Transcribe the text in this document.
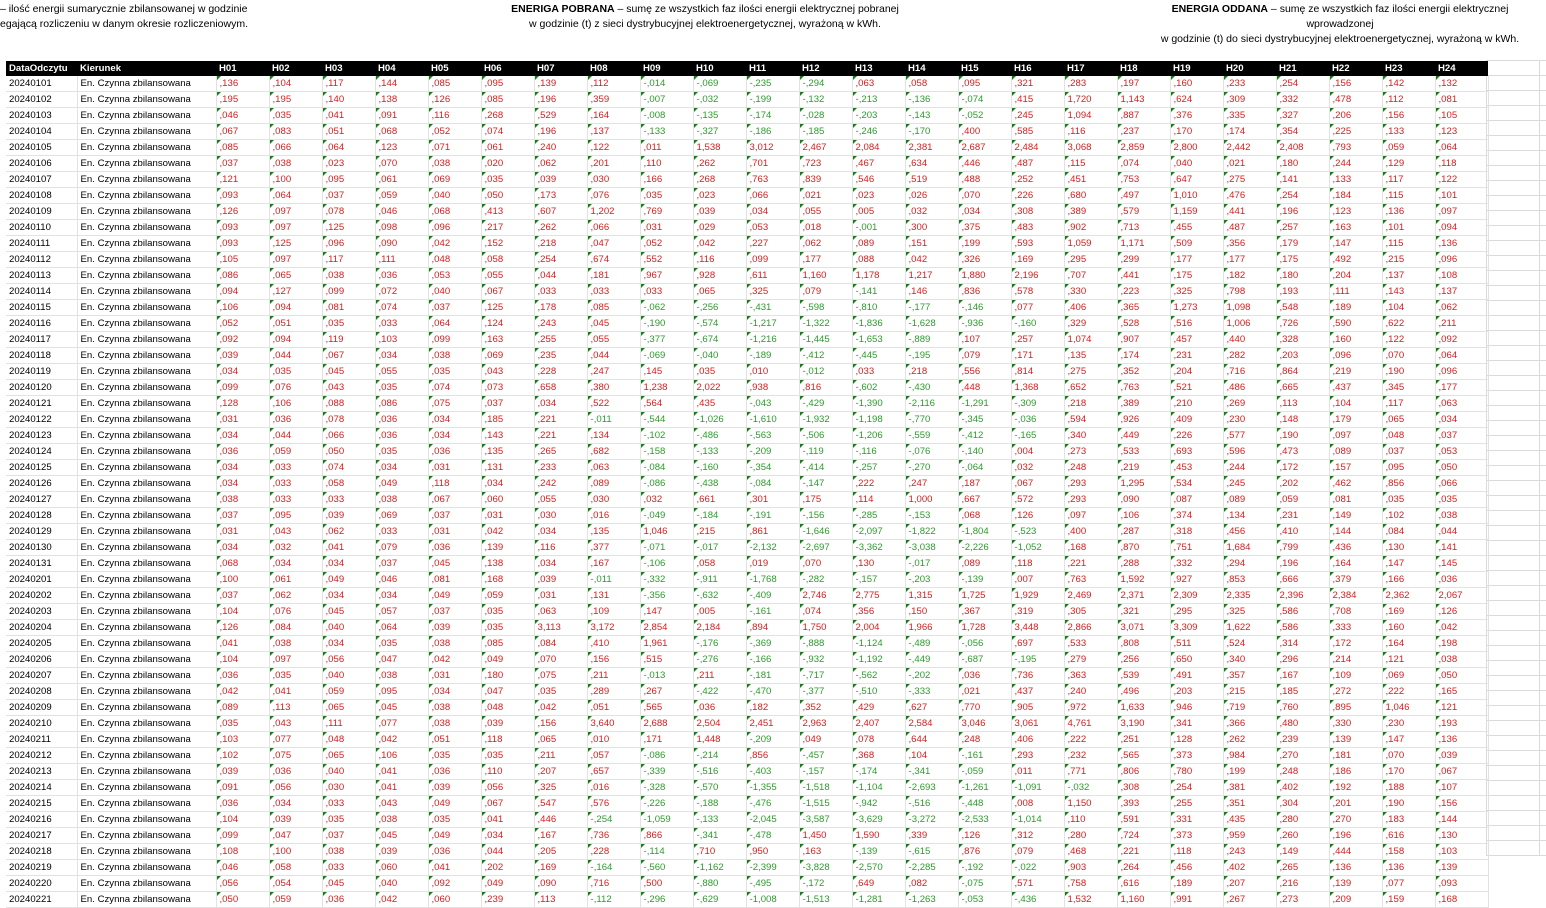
– ilość energii sumarycznie zbilansowanej w godzinie
egającą rozliczeniu w danym okresie rozliczeniowym.
ENERIGA POBRANA – sumę ze wszystkich faz ilości energii elektrycznej pobranej
w godzinie (t) z sieci dystrybucyjnej elektroenergetycznej, wyrażoną w kWh.
ENERGIA ODDANA – sumę ze wszystkich faz ilości energii elektrycznej wprowadzonej
w godzinie (t) do sieci dystrybucyjnej elektroenergetycznej, wyrażoną w kWh.
DataOdczytu	Kierunek	H01	H02	H03	H04	H05	H06	H07	H08	H09	H10	H11	H12	H13	H14	H15	H16	H17	H18	H19	H20	H21	H22	H23	H24
20240101	En. Czynna zbilansowana	,136	,104	,117	,144	,085	,095	,139	,112	-,014	-,069	-,235	-,294	,063	,058	,095	,321	,283	,197	,160	,233	,254	,156	,142	,132
20240102	En. Czynna zbilansowana	,195	,195	,140	,138	,126	,085	,196	,359	-,007	-,032	-,199	-,132	-,213	-,136	-,074	,415	1,720	1,143	,624	,309	,332	,478	,112	,081
20240103	En. Czynna zbilansowana	,046	,035	,041	,091	,116	,268	,529	,164	-,008	-,135	-,174	-,028	-,203	-,143	-,052	,245	1,094	,887	,376	,335	,327	,206	,156	,105
20240104	En. Czynna zbilansowana	,067	,083	,051	,068	,052	,074	,196	,137	-,133	-,327	-,186	-,185	-,246	-,170	,400	,585	,116	,237	,170	,174	,354	,225	,133	,123
20240105	En. Czynna zbilansowana	,085	,066	,064	,123	,071	,061	,240	,122	,011	1,538	3,012	2,467	2,084	2,381	2,687	2,484	3,068	2,859	2,800	2,442	2,408	,793	,059	,064
20240106	En. Czynna zbilansowana	,037	,038	,023	,070	,038	,020	,062	,201	,110	,262	,701	,723	,467	,634	,446	,487	,115	,074	,040	,021	,180	,244	,129	,118
20240107	En. Czynna zbilansowana	,121	,100	,095	,061	,069	,035	,039	,030	,166	,268	,763	,839	,546	,519	,488	,252	,451	,753	,647	,275	,141	,133	,117	,122
20240108	En. Czynna zbilansowana	,093	,064	,037	,059	,040	,050	,173	,076	,035	,023	,066	,021	,023	,026	,070	,226	,680	,497	1,010	,476	,254	,184	,115	,101
20240109	En. Czynna zbilansowana	,126	,097	,078	,046	,068	,413	,607	1,202	,769	,039	,034	,055	,005	,032	,034	,308	,389	,579	1,159	,441	,196	,123	,136	,097
20240110	En. Czynna zbilansowana	,093	,097	,125	,098	,096	,217	,262	,066	,031	,029	,053	,018	-,001	,300	,375	,483	,902	,713	,455	,487	,257	,163	,101	,094
20240111	En. Czynna zbilansowana	,093	,125	,096	,090	,042	,152	,218	,047	,052	,042	,227	,062	,089	,151	,199	,593	1,059	1,171	,509	,356	,179	,147	,115	,136
20240112	En. Czynna zbilansowana	,105	,097	,117	,111	,048	,058	,254	,674	,552	,116	,099	,177	,088	,042	,326	,169	,295	,299	,177	,177	,175	,492	,215	,096
20240113	En. Czynna zbilansowana	,086	,065	,038	,036	,053	,055	,044	,181	,967	,928	,611	1,160	1,178	1,217	1,880	2,196	,707	,441	,175	,182	,180	,204	,137	,108
20240114	En. Czynna zbilansowana	,094	,127	,099	,072	,040	,067	,033	,033	,033	,065	,325	,079	-,141	,146	,836	,578	,330	,223	,325	,798	,193	,111	,143	,137
20240115	En. Czynna zbilansowana	,106	,094	,081	,074	,037	,125	,178	,085	-,062	-,256	-,431	-,598	-,810	-,177	-,146	,077	,406	,365	1,273	1,098	,548	,189	,104	,062
20240116	En. Czynna zbilansowana	,052	,051	,035	,033	,064	,124	,243	,045	-,190	-,574	-1,217	-1,322	-1,836	-1,628	-,936	-,160	,329	,528	,516	1,006	,726	,590	,622	,211
20240117	En. Czynna zbilansowana	,092	,094	,119	,103	,099	,163	,255	,055	-,377	-,674	-1,216	-1,445	-1,653	-,889	,107	,257	1,074	,907	,457	,440	,328	,160	,122	,092
20240118	En. Czynna zbilansowana	,039	,044	,067	,034	,038	,069	,235	,044	-,069	-,040	-,189	-,412	-,445	-,195	,079	,171	,135	,174	,231	,282	,203	,096	,070	,064
20240119	En. Czynna zbilansowana	,034	,035	,045	,055	,035	,043	,228	,247	,145	,035	,010	-,012	,033	,218	,556	,814	,275	,352	,204	,716	,864	,219	,190	,096
20240120	En. Czynna zbilansowana	,099	,076	,043	,035	,074	,073	,658	,380	1,238	2,022	,938	,816	-,602	-,430	,448	1,368	,652	,763	,521	,486	,665	,437	,345	,177
20240121	En. Czynna zbilansowana	,128	,106	,088	,086	,075	,037	,034	,522	,564	,435	-,043	-,429	-1,390	-2,116	-1,291	-,309	,218	,389	,210	,269	,113	,104	,117	,063
20240122	En. Czynna zbilansowana	,031	,036	,078	,036	,034	,185	,221	-,011	-,544	-1,026	-1,610	-1,932	-1,198	-,770	-,345	-,036	,594	,926	,409	,230	,148	,179	,065	,034
20240123	En. Czynna zbilansowana	,034	,044	,066	,036	,034	,143	,221	,134	-,102	-,486	-,563	-,506	-1,206	-,559	-,412	-,165	,340	,449	,226	,577	,190	,097	,048	,037
20240124	En. Czynna zbilansowana	,036	,059	,050	,035	,036	,135	,265	,682	-,158	-,133	-,209	-,119	-,116	-,076	-,140	,004	,273	,533	,693	,596	,473	,089	,037	,053
20240125	En. Czynna zbilansowana	,034	,033	,074	,034	,031	,131	,233	,063	-,084	-,160	-,354	-,414	-,257	-,270	-,064	,032	,248	,219	,453	,244	,172	,157	,095	,050
20240126	En. Czynna zbilansowana	,034	,033	,058	,049	,118	,034	,242	,089	-,086	-,438	-,084	-,147	,222	,247	,187	,067	,293	1,295	,534	,245	,202	,462	,856	,066
20240127	En. Czynna zbilansowana	,038	,033	,033	,038	,067	,060	,055	,030	,032	,661	,301	,175	,114	1,000	,667	,572	,293	,090	,087	,089	,059	,081	,035	,035
20240128	En. Czynna zbilansowana	,037	,095	,039	,069	,037	,031	,030	,016	-,049	-,184	-,191	-,156	-,285	-,153	,068	,126	,097	,106	,374	,134	,231	,149	,102	,038
20240129	En. Czynna zbilansowana	,031	,043	,062	,033	,031	,042	,034	,135	1,046	,215	,861	-1,646	-2,097	-1,822	-1,804	-,523	,400	,287	,318	,456	,410	,144	,084	,044
20240130	En. Czynna zbilansowana	,034	,032	,041	,079	,036	,139	,116	,377	-,071	-,017	-2,132	-2,697	-3,362	-3,038	-2,226	-1,052	,168	,870	,751	1,684	,799	,436	,130	,141
20240131	En. Czynna zbilansowana	,068	,034	,034	,037	,045	,138	,034	,167	-,106	,058	,019	,070	,130	-,017	,089	,118	,221	,288	,332	,294	,196	,164	,147	,145
20240201	En. Czynna zbilansowana	,100	,061	,049	,046	,081	,168	,039	-,011	-,332	-,911	-1,768	-,282	-,157	-,203	-,139	,007	,763	1,592	,927	,853	,666	,379	,166	,036
20240202	En. Czynna zbilansowana	,037	,062	,034	,034	,049	,059	,031	,131	-,356	-,632	-,409	2,746	2,775	1,315	1,725	1,929	2,469	2,371	2,309	2,335	2,396	2,384	2,362	2,067
20240203	En. Czynna zbilansowana	,104	,076	,045	,057	,037	,035	,063	,109	,147	,005	-,161	,074	,356	,150	,367	,319	,305	,321	,295	,325	,586	,708	,169	,126
20240204	En. Czynna zbilansowana	,126	,084	,040	,064	,039	,035	3,113	3,172	2,854	2,184	,894	1,750	2,004	1,966	1,728	3,448	2,866	3,071	3,309	1,622	,586	,333	,160	,042
20240205	En. Czynna zbilansowana	,041	,038	,034	,035	,038	,085	,084	,410	1,961	-,176	-,369	-,888	-1,124	-,489	-,056	,697	,533	,808	,511	,524	,314	,172	,164	,198
20240206	En. Czynna zbilansowana	,104	,097	,056	,047	,042	,049	,070	,156	,515	-,276	-,166	-,932	-1,192	-,449	-,687	-,195	,279	,256	,650	,340	,296	,214	,121	,038
20240207	En. Czynna zbilansowana	,036	,035	,040	,038	,031	,180	,075	,211	-,013	,211	-,181	-,717	-,562	-,202	,036	,736	,363	,539	,491	,357	,167	,109	,069	,050
20240208	En. Czynna zbilansowana	,042	,041	,059	,095	,034	,047	,035	,289	,267	-,422	-,470	-,377	-,510	-,333	,021	,437	,240	,496	,203	,215	,185	,272	,222	,165
20240209	En. Czynna zbilansowana	,089	,113	,065	,045	,038	,048	,042	,051	,565	,036	,182	,352	,429	,627	,770	,905	,972	1,633	,946	,719	,760	,895	1,046	,121
20240210	En. Czynna zbilansowana	,035	,043	,111	,077	,038	,039	,156	3,640	2,688	2,504	2,451	2,963	2,407	2,584	3,046	3,061	4,761	3,190	,341	,366	,480	,330	,230	,193
20240211	En. Czynna zbilansowana	,103	,077	,048	,042	,051	,118	,065	,010	,171	1,448	-,209	,049	,078	,644	,248	,406	,222	,251	,128	,262	,239	,139	,147	,136
20240212	En. Czynna zbilansowana	,102	,075	,065	,106	,035	,035	,211	,057	-,086	-,214	,856	-,457	,368	,104	-,161	,293	,232	,565	,373	,984	,270	,181	,070	,039
20240213	En. Czynna zbilansowana	,039	,036	,040	,041	,036	,110	,207	,657	-,339	-,516	-,403	-,157	-,174	-,341	-,059	,011	,771	,806	,780	,199	,248	,186	,170	,067
20240214	En. Czynna zbilansowana	,091	,056	,030	,041	,039	,056	,325	,016	-,328	-,570	-1,355	-1,518	-1,104	-2,693	-1,261	-1,091	-,032	,308	,254	,381	,402	,192	,188	,107
20240215	En. Czynna zbilansowana	,036	,034	,033	,043	,049	,067	,547	,576	-,226	-,188	-,476	-1,515	-,942	-,516	-,448	,008	1,150	,393	,255	,351	,304	,201	,190	,156
20240216	En. Czynna zbilansowana	,104	,039	,035	,038	,035	,041	,446	-,254	-1,059	-,133	-2,045	-3,587	-3,629	-3,272	-2,533	-1,014	,110	,591	,331	,435	,280	,270	,183	,144
20240217	En. Czynna zbilansowana	,099	,047	,037	,045	,049	,034	,167	,736	,866	-,341	-,478	1,450	1,590	,339	,126	,312	,280	,724	,373	,959	,260	,196	,616	,130
20240218	En. Czynna zbilansowana	,108	,100	,038	,039	,036	,044	,205	,228	-,114	,710	,950	,163	-,139	-,615	,876	,079	,468	,221	,118	,243	,149	,444	,158	,103
20240219	En. Czynna zbilansowana	,046	,058	,033	,060	,041	,202	,169	-,164	-,560	-1,162	-2,399	-3,828	-2,570	-2,285	-,192	-,022	,903	,264	,456	,402	,265	,136	,136	,139
20240220	En. Czynna zbilansowana	,056	,054	,045	,040	,092	,049	,090	,716	,500	-,880	-,495	-,172	,649	,082	-,075	,571	,758	,616	,189	,207	,216	,139	,077	,093
20240221	En. Czynna zbilansowana	,050	,059	,036	,042	,060	,239	,113	-,112	-,296	-,629	-1,008	-1,513	-1,281	-1,263	-,053	-,436	1,532	1,160	,991	,267	,273	,209	,159	,168
